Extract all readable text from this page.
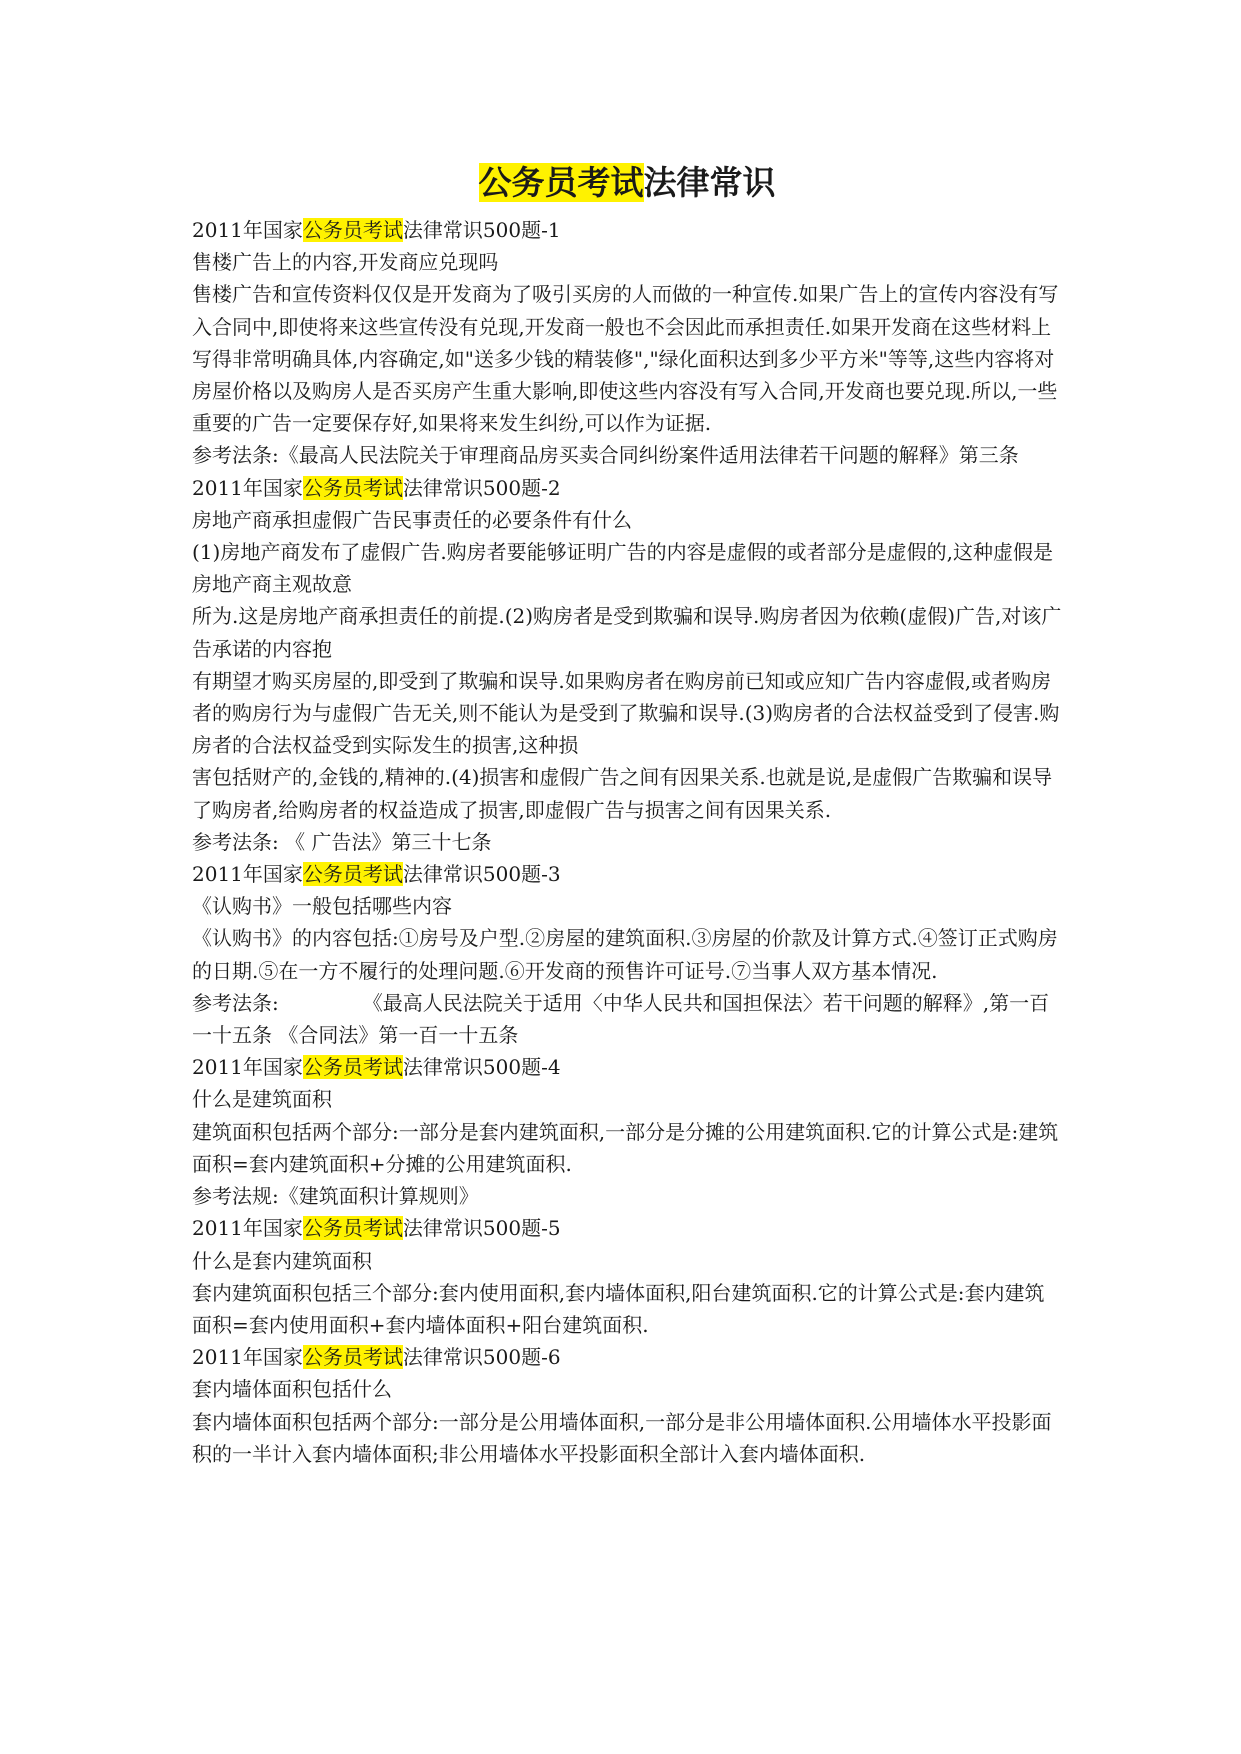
公务员考试法律常识

2011年国家公务员考试法律常识500题-1

售楼广告上的内容,开发商应兑现吗

售楼广告和宣传资料仅仅是开发商为了吸引买房的人而做的一种宣传.如果广告上的宣传内容没有写入合同中,即使将来这些宣传没有兑现,开发商一般也不会因此而承担责任.如果开发商在这些材料上写得非常明确具体,内容确定,如"送多少钱的精装修","绿化面积达到多少平方米"等等,这些内容将对房屋价格以及购房人是否买房产生重大影响,即使这些内容没有写入合同,开发商也要兑现.所以,一些重要的广告一定要保存好,如果将来发生纠纷,可以作为证据.

参考法条:《最高人民法院关于审理商品房买卖合同纠纷案件适用法律若干问题的解释》第三条

2011年国家公务员考试法律常识500题-2

房地产商承担虚假广告民事责任的必要条件有什么

(1)房地产商发布了虚假广告.购房者要能够证明广告的内容是虚假的或者部分是虚假的,这种虚假是房地产商主观故意

所为.这是房地产商承担责任的前提.(2)购房者是受到欺骗和误导.购房者因为依赖(虚假)广告,对该广告承诺的内容抱

有期望才购买房屋的,即受到了欺骗和误导.如果购房者在购房前已知或应知广告内容虚假,或者购房者的购房行为与虚假广告无关,则不能认为是受到了欺骗和误导.(3)购房者的合法权益受到了侵害.购房者的合法权益受到实际发生的损害,这种损

害包括财产的,金钱的,精神的.(4)损害和虚假广告之间有因果关系.也就是说,是虚假广告欺骗和误导了购房者,给购房者的权益造成了损害,即虚假广告与损害之间有因果关系.

参考法条: 《 广告法》第三十七条

2011年国家公务员考试法律常识500题-3

《认购书》一般包括哪些内容

《认购书》的内容包括:①房号及户型.②房屋的建筑面积.③房屋的价款及计算方式.④签订正式购房的日期.⑤在一方不履行的处理问题.⑥开发商的预售许可证号.⑦当事人双方基本情况.

参考法条:	《最高人民法院关于适用〈中华人民共和国担保法〉若干问题的解释》,第一百一十五条 《合同法》第一百一十五条

2011年国家公务员考试法律常识500题-4

什么是建筑面积

建筑面积包括两个部分:一部分是套内建筑面积,一部分是分摊的公用建筑面积.它的计算公式是:建筑面积=套内建筑面积+分摊的公用建筑面积.

参考法规:《建筑面积计算规则》

2011年国家公务员考试法律常识500题-5

什么是套内建筑面积

套内建筑面积包括三个部分:套内使用面积,套内墙体面积,阳台建筑面积.它的计算公式是:套内建筑面积=套内使用面积+套内墙体面积+阳台建筑面积.

2011年国家公务员考试法律常识500题-6

套内墙体面积包括什么

套内墙体面积包括两个部分:一部分是公用墙体面积,一部分是非公用墙体面积.公用墙体水平投影面积的一半计入套内墙体面积;非公用墙体水平投影面积全部计入套内墙体面积.
